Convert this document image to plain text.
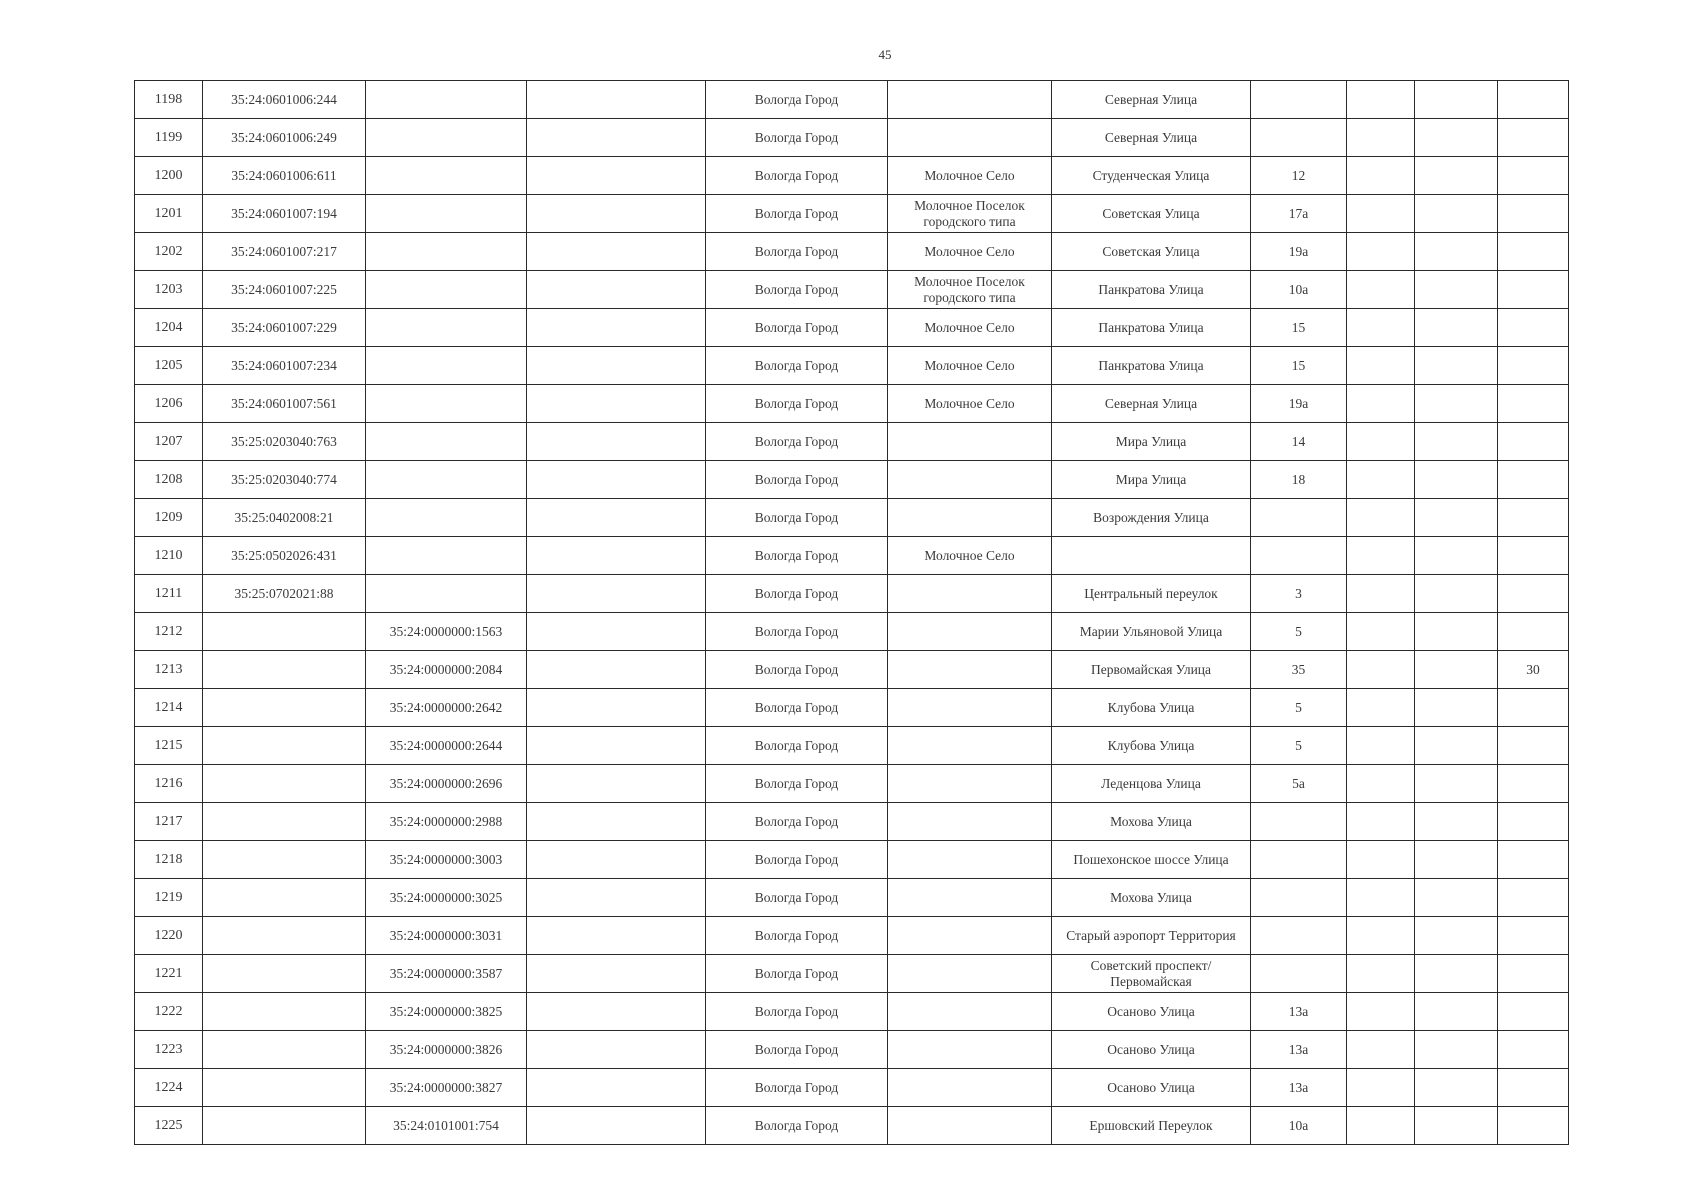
45
1198	35:24:0601006:244			Вологда Город		Северная Улица				
1199	35:24:0601006:249			Вологда Город		Северная Улица				
1200	35:24:0601006:611			Вологда Город	Молочное Село	Студенческая Улица	12			
1201	35:24:0601007:194			Вологда Город	Молочное Поселок городского типа	Советская Улица	17а			
1202	35:24:0601007:217			Вологда Город	Молочное Село	Советская Улица	19а			
1203	35:24:0601007:225			Вологда Город	Молочное Поселок городского типа	Панкратова Улица	10а			
1204	35:24:0601007:229			Вологда Город	Молочное Село	Панкратова Улица	15			
1205	35:24:0601007:234			Вологда Город	Молочное Село	Панкратова Улица	15			
1206	35:24:0601007:561			Вологда Город	Молочное Село	Северная Улица	19а			
1207	35:25:0203040:763			Вологда Город		Мира Улица	14			
1208	35:25:0203040:774			Вологда Город		Мира Улица	18			
1209	35:25:0402008:21			Вологда Город		Возрождения Улица				
1210	35:25:0502026:431			Вологда Город	Молочное Село					
1211	35:25:0702021:88			Вологда Город		Центральный переулок	3			
1212		35:24:0000000:1563		Вологда Город		Марии Ульяновой Улица	5			
1213		35:24:0000000:2084		Вологда Город		Первомайская Улица	35			30
1214		35:24:0000000:2642		Вологда Город		Клубова Улица	5			
1215		35:24:0000000:2644		Вологда Город		Клубова Улица	5			
1216		35:24:0000000:2696		Вологда Город		Леденцова Улица	5а			
1217		35:24:0000000:2988		Вологда Город		Мохова Улица				
1218		35:24:0000000:3003		Вологда Город		Пошехонское шоссе Улица				
1219		35:24:0000000:3025		Вологда Город		Мохова Улица				
1220		35:24:0000000:3031		Вологда Город		Старый аэропорт Территория				
1221		35:24:0000000:3587		Вологда Город		Советский проспект/Первомайская				
1222		35:24:0000000:3825		Вологда Город		Осаново Улица	13а			
1223		35:24:0000000:3826		Вологда Город		Осаново Улица	13а			
1224		35:24:0000000:3827		Вологда Город		Осаново Улица	13а			
1225		35:24:0101001:754		Вологда Город		Ершовский Переулок	10а			
